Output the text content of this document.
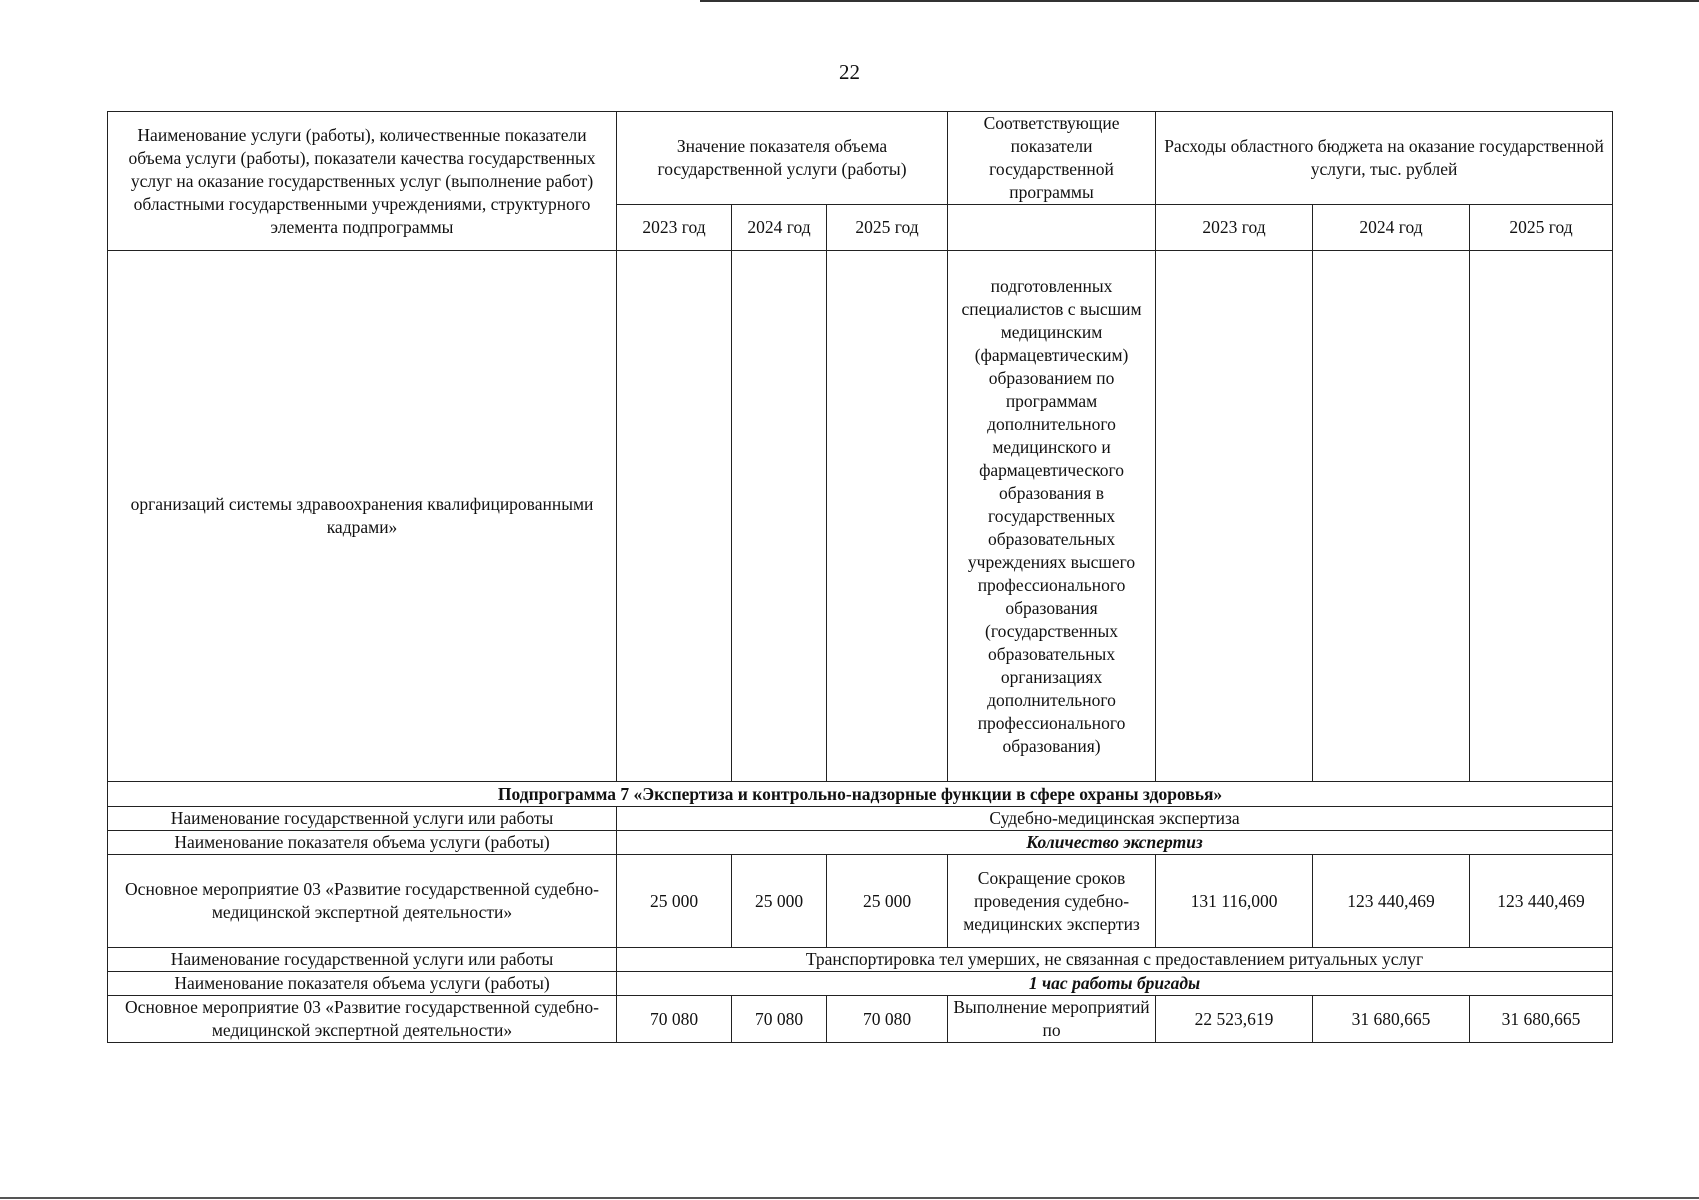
22
Наименование услуги (работы), количественные показатели объема услуги (работы), показатели качества государственных услуг на оказание государственных услуг (выполнение работ) областными государственными учреждениями, структурного элемента подпрограммы	Значение показателя объема государственной услуги (работы)			Соответствующие показатели государственной программы	Расходы областного бюджета на оказание государственной услуги, тыс. рублей		
	2023 год	2024 год	2025 год		2023 год	2024 год	2025 год
организаций системы здравоохранения квалифицированными кадрами»				подготовленных специалистов с высшим медицинским (фармацевтическим) образованием по программам дополнительного медицинского и фармацевтического образования в государственных образовательных учреждениях высшего профессионального образования (государственных образовательных организациях дополнительного профессионального образования)			
Подпрограмма 7 «Экспертиза и контрольно-надзорные функции в сфере охраны здоровья»							
Наименование государственной услуги или работы	Судебно-медицинская экспертиза						
Наименование показателя объема услуги (работы)	Количество экспертиз						
Основное мероприятие 03 «Развитие государственной судебно-медицинской экспертной деятельности»	25 000	25 000	25 000	Сокращение сроков проведения судебно-медицинских экспертиз	131 116,000	123 440,469	123 440,469
Наименование государственной услуги или работы	Транспортировка тел умерших, не связанная с предоставлением ритуальных услуг						
Наименование показателя объема услуги (работы)	1 час работы бригады						
Основное мероприятие 03 «Развитие государственной судебно-медицинской экспертной деятельности»	70 080	70 080	70 080	Выполнение мероприятий по	22 523,619	31 680,665	31 680,665
